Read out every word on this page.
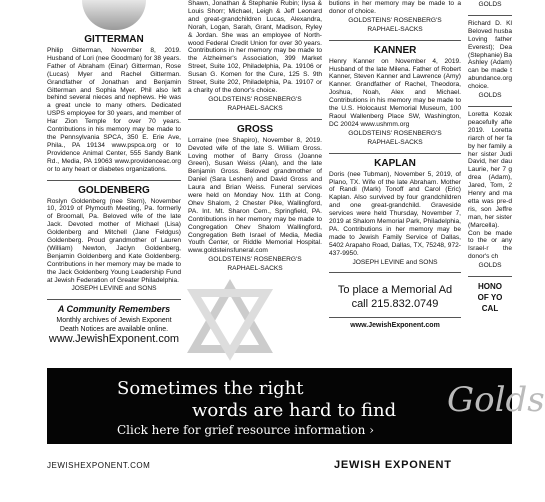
GITTERMAN

Philip Gitterman, November 8, 2019. Husband of Lori (nee Goodman) for 38 years. Father of Abraham (Einar) Gitterman, Rose (Lucas) Myer and Rachel Gitterman. Grandfather of Jonathan and Benjamin Gitterman and Sophia Myer. Phil also left behind several nieces and nephews. He was a great uncle to many others. Dedicated USPS employee for 30 years, and member of Har Zion Temple for over 70 years. Contributions in his memory may be made to the Pennsylvania SPCA, 350 E. Erie Ave, Phila., PA 19134 www.pspca.org or to Providence Animal Center, 555 Sandy Bank Rd., Media, PA 19063 www.providenceac.org or to any heart or diabetes organizations.

GOLDENBERG

Roslyn Goldenberg (nee Stern), November 10, 2019 of Plymouth Meeting, Pa. formerly of Broomall, Pa. Beloved wife of the late Jack. Devoted mother of Michael (Lisa) Goldenberg and Mitchell (Jane Feldgus) Goldenberg. Proud grandmother of Lauren (William) Newton, Jaclyn Goldenberg, Benjamin Goldenberg and Kate Goldenberg. Contributions in her memory may be made to the Jack Goldenberg Young Leadership Fund at Jewish Federation of Greater Philadelphia.

JOSEPH LEVINE and SONS
A Community Remembers
Monthly archives of Jewish Exponent
Death Notices are available online.
www.JewishExponent.com

Shawn, Jonathan & Stephanie Rubin; Ilysa & Louis Shorr; Michael, Leigh & Jeff Leonard and great-grandchildren Lucas, Alexandra, Norah, Logan, Sarah, Grant, Madison, Ryley & Jordan. She was an employee of North-wood Federal Credit Union for over 30 years. Contributions in her memory may be made to the Alzheimer's Association, 399 Market Street, Suite 102, Philadelphia, Pa. 19106 or Susan G. Komen for the Cure, 125 S. 9th Street, Suite 202, Philadelphia, Pa. 19107 or a charity of the donor's choice.

GOLDSTEINS' ROSENBERG'S
RAPHAEL-SACKS
GROSS

Lorraine (nee Shapiro), November 8, 2019. Devoted wife of the late S. William Gross. Loving mother of Barry Gross (Joanne Green), Susan Weiss (Alan), and the late Benjamin Gross. Beloved grandmother of Daniel (Sara Leshen) and David Gross and Laura and Brian Weiss. Funeral services were held on Monday Nov. 11th at Cong. Ohev Shalom, 2 Chester Pike, Wallingford, PA. Int. Mt. Sharon Cem., Springfield, PA. Contributions in her memory may be made to Congregation Ohev Shalom Wallingford, Congregation Beth Israel of Media, Media Youth Center, or Riddle Memorial Hospital. www.goldsteinsfuneral.com

GOLDSTEINS' ROSENBERG'S
RAPHAEL-SACKS

butions in her memory may be made to a donor of choice.

GOLDSTEINS' ROSENBERG'S
RAPHAEL-SACKS
KANNER

Henry Kanner on November 4, 2019. Husband of the late Milena. Father of Robert Kanner, Steven Kanner and Lawrence (Amy) Kanner. Grandfather of Rachel, Theodora, Joshua, Noah, Alex and Michael. Contributions in his memory may be made to the U.S. Holocaust Memorial Museum, 100 Raoul Wallenberg Place SW, Washington, DC 20024 www.ushmm.org

GOLDSTEINS' ROSENBERG'S
RAPHAEL-SACKS
KAPLAN

Doris (nee Tubman), November 5, 2019, of Plano, TX. Wife of the late Abraham. Mother of Randi (Mark) Tonoff and Carol (Eric) Kaplan. Also survived by four grandchildren and one great-grandchild. Graveside services were held Thursday, November 7, 2019 at Shalom Memorial Park, Philadelphia, PA. Contributions in her memory may be made to Jewish Family Service of Dallas, 5402 Arapaho Road, Dallas, TX, 75248, 972-437-9950.

JOSEPH LEVINE and SONS
To place a Memorial Ad
call 215.832.0749
www.JewishExponent.com
GOLDS

Richard D. Kl Beloved husba Loving father Everest); Dea (Stephanie) Ba Ashley (Adam) can be made t abundance.org choice.

GOLDS

Loretta Kozak peacefully afte 2019. Loretta riarch of her fa by her family a her sister Judi David, her dau Laurie, her 7 g drea (Adam), Jared, Tom, 2 Henry and ma etta was pre-d ris, son Jeffre man, her sister (Marcella). Con be made to the or any Israel-r the donor's ch

GOLDS
HONO
OF YO
CAL
Sometimes the right
words are hard to find
Click here for grief resource information ›
Golds
JEWISHEXPONENT.COM	JEWISH EXPONENT
